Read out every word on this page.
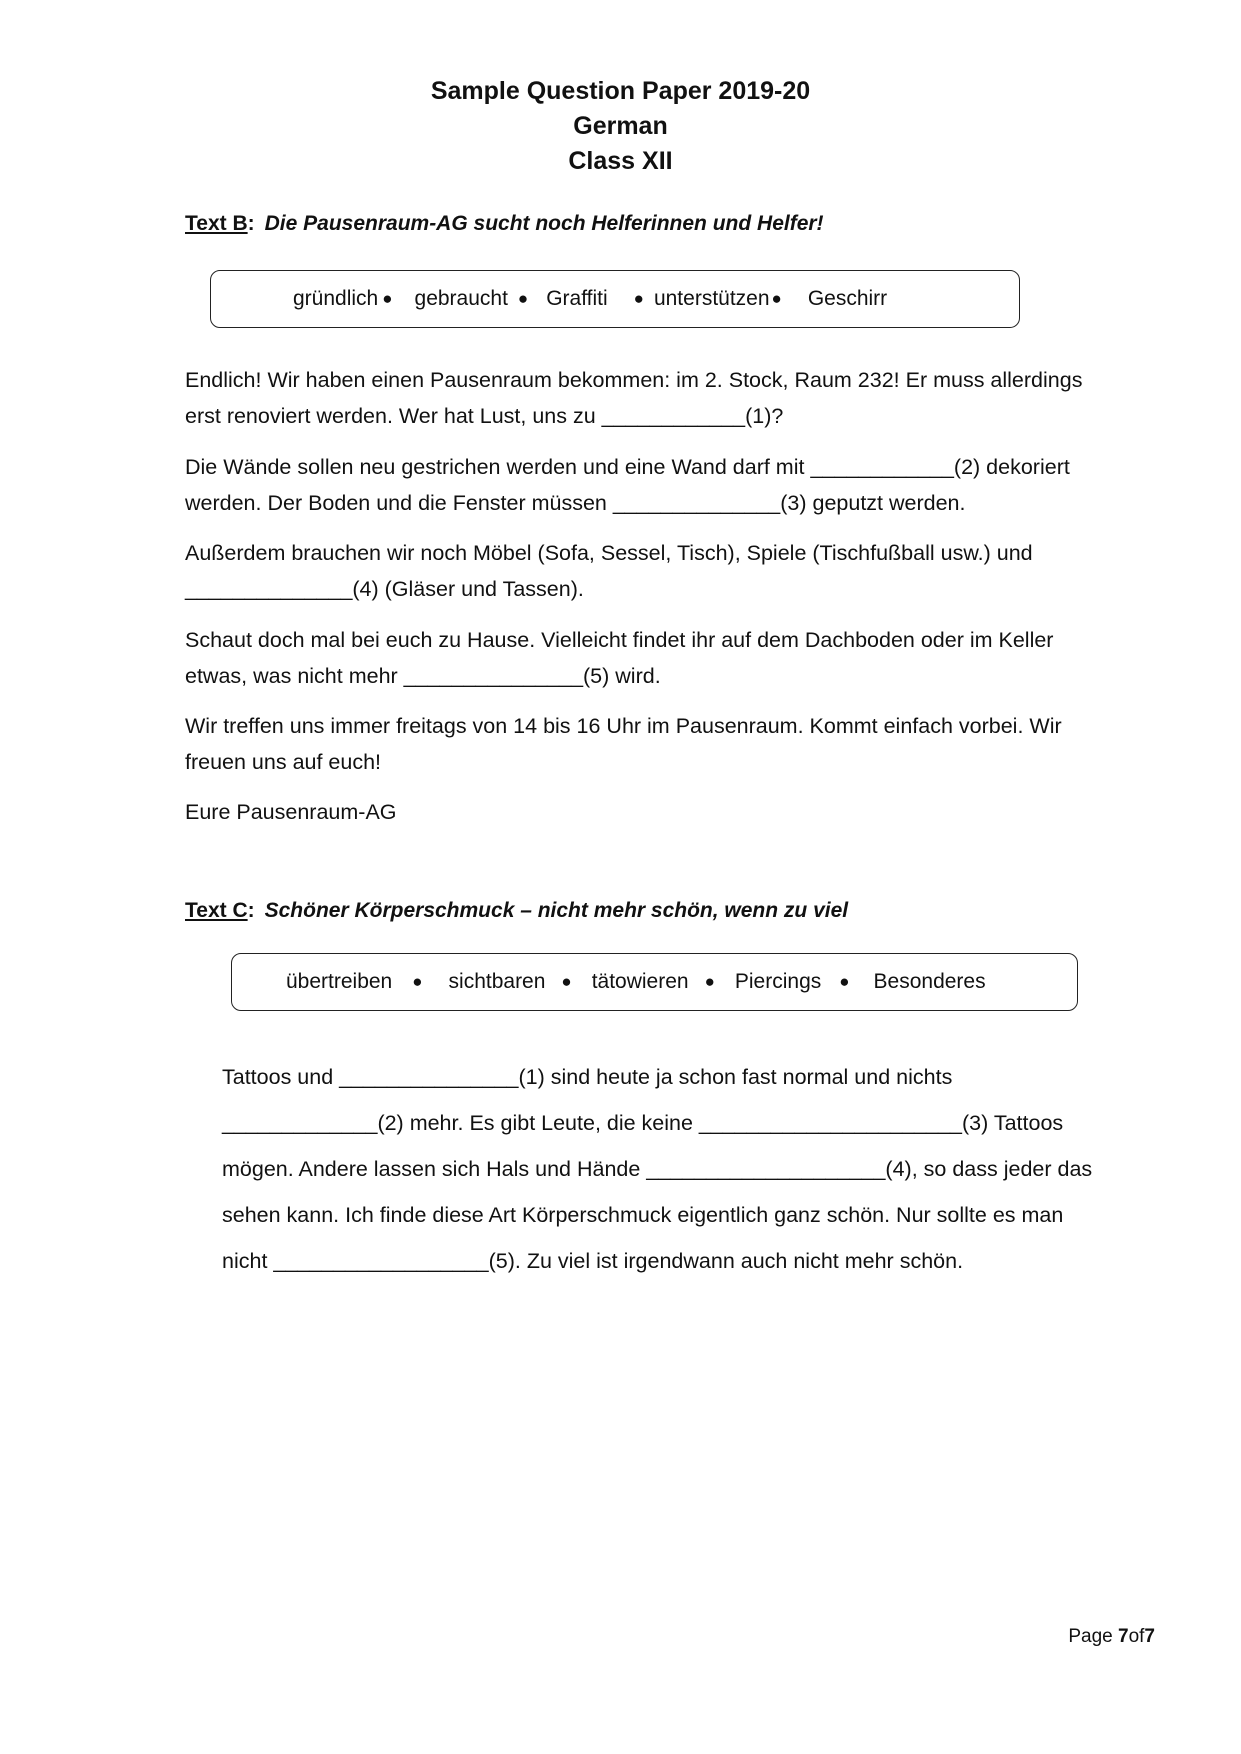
Sample Question Paper 2019-20
German
Class XII
Text B: Die Pausenraum-AG sucht noch Helferinnen und Helfer!
gründlich ● gebraucht ● Graffiti ● unterstützen ● Geschirr
Endlich! Wir haben einen Pausenraum bekommen: im 2. Stock, Raum 232! Er muss allerdings
erst renoviert werden. Wer hat Lust, uns zu ____________(1)?
Die Wände sollen neu gestrichen werden und eine Wand darf mit ____________(2) dekoriert
werden. Der Boden und die Fenster müssen ______________(3) geputzt werden.
Außerdem brauchen wir noch Möbel (Sofa, Sessel, Tisch), Spiele (Tischfußball usw.) und
______________(4) (Gläser und Tassen).
Schaut doch mal bei euch zu Hause. Vielleicht findet ihr auf dem Dachboden oder im Keller
etwas, was nicht mehr _______________(5) wird.
Wir treffen uns immer freitags von 14 bis 16 Uhr im Pausenraum. Kommt einfach vorbei. Wir
freuen uns auf euch!
Eure Pausenraum-AG
Text C: Schöner Körperschmuck – nicht mehr schön, wenn zu viel
übertreiben ● sichtbaren ● tätowieren ● Piercings ● Besonderes
Tattoos und _______________(1) sind heute ja schon fast normal und nichts
_____________(2) mehr. Es gibt Leute, die keine ______________________(3) Tattoos
mögen. Andere lassen sich Hals und Hände ____________________(4), so dass jeder das
sehen kann. Ich finde diese Art Körperschmuck eigentlich ganz schön. Nur sollte es man
nicht __________________(5). Zu viel ist irgendwann auch nicht mehr schön.
Page 7of7
